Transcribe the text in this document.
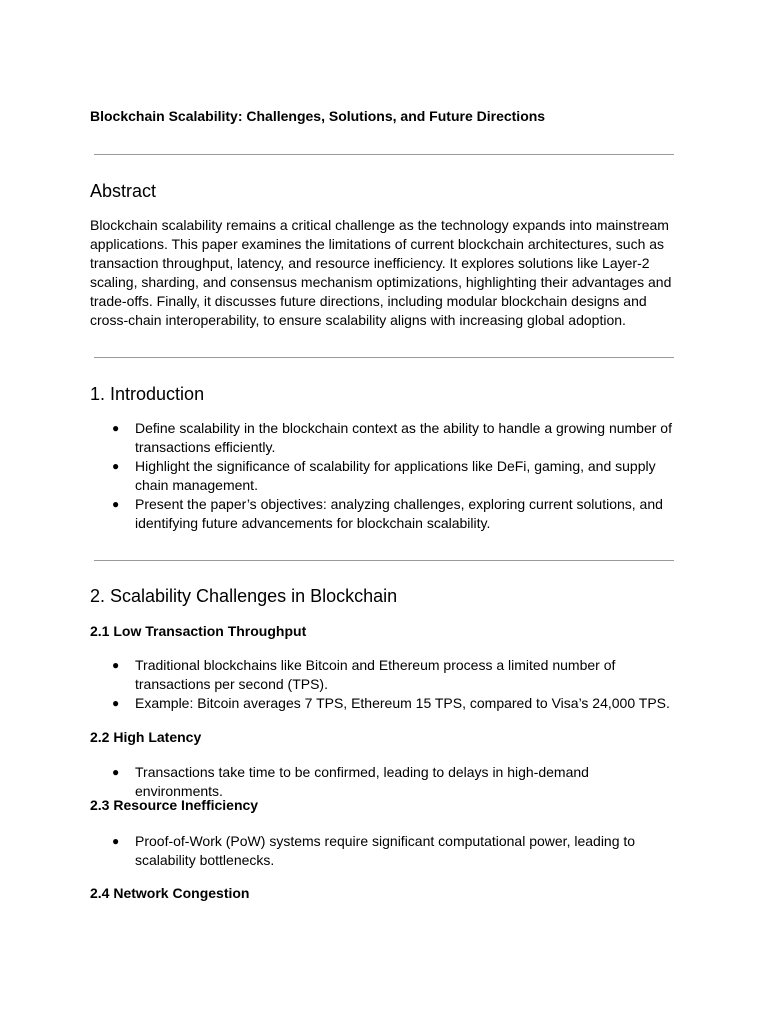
Blockchain Scalability: Challenges, Solutions, and Future Directions
Abstract

Blockchain scalability remains a critical challenge as the technology expands into mainstream applications. This paper examines the limitations of current blockchain architectures, such as transaction throughput, latency, and resource inefficiency. It explores solutions like Layer-2 scaling, sharding, and consensus mechanism optimizations, highlighting their advantages and trade-offs. Finally, it discusses future directions, including modular blockchain designs and cross-chain interoperability, to ensure scalability aligns with increasing global adoption.

1. Introduction
● Define scalability in the blockchain context as the ability to handle a growing number of transactions efficiently.
● Highlight the significance of scalability for applications like DeFi, gaming, and supply chain management.
● Present the paper’s objectives: analyzing challenges, exploring current solutions, and identifying future advancements for blockchain scalability.
2. Scalability Challenges in Blockchain
2.1 Low Transaction Throughput
● Traditional blockchains like Bitcoin and Ethereum process a limited number of transactions per second (TPS).
● Example: Bitcoin averages 7 TPS, Ethereum 15 TPS, compared to Visa’s 24,000 TPS.
2.2 High Latency
● Transactions take time to be confirmed, leading to delays in high-demand environments.
2.3 Resource Inefficiency
● Proof-of-Work (PoW) systems require significant computational power, leading to scalability bottlenecks.
2.4 Network Congestion
